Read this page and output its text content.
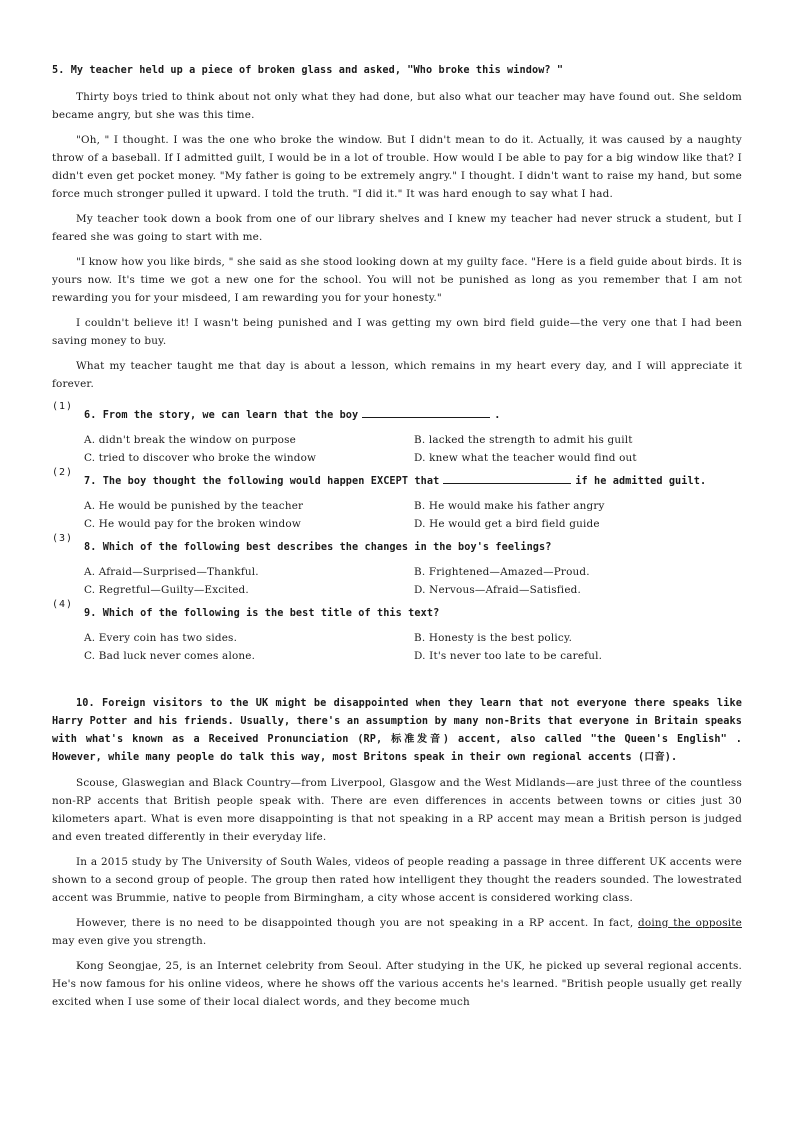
5. My teacher held up a piece of broken glass and asked, "Who broke this window? "

Thirty boys tried to think about not only what they had done, but also what our teacher may have found out. She seldom became angry, but she was this time.

"Oh, " I thought. I was the one who broke the window. But I didn't mean to do it. Actually, it was caused by a naughty throw of a baseball. If I admitted guilt, I would be in a lot of trouble. How would I be able to pay for a big window like that? I didn't even get pocket money. "My father is going to be extremely angry." I thought. I didn't want to raise my hand, but some force much stronger pulled it upward. I told the truth. "I did it." It was hard enough to say what I had.

My teacher took down a book from one of our library shelves and I knew my teacher had never struck a student, but I feared she was going to start with me.

"I know how you like birds, " she said as she stood looking down at my guilty face. "Here is a field guide about birds. It is yours now. It's time we got a new one for the school. You will not be punished as long as you remember that I am not rewarding you for your misdeed, I am rewarding you for your honesty."

I couldn't believe it! I wasn't being punished and I was getting my own bird field guide—the very one that I had been saving money to buy.

What my teacher taught me that day is about a lesson, which remains in my heart every day, and I will appreciate it forever.

(1)
6. From the story, we can learn that the boy	.
A. didn't break the window on purpose	B. lacked the strength to admit his guilt
C. tried to discover who broke the window	D. knew what the teacher would find out
(2)
7. The boy thought the following would happen EXCEPT that	if he admitted guilt.
A. He would be punished by the teacher	B. He would make his father angry
C. He would pay for the broken window	D. He would get a bird field guide
(3)
8. Which of the following best describes the changes in the boy's feelings?
A. Afraid—Surprised—Thankful.	B. Frightened—Amazed—Proud.
C. Regretful—Guilty—Excited.	D. Nervous—Afraid—Satisfied.
(4)
9. Which of the following is the best title of this text?
A. Every coin has two sides.	B. Honesty is the best policy.
C. Bad luck never comes alone.	D. It's never too late to be careful.
10. Foreign visitors to the UK might be disappointed when they learn that not everyone there speaks like Harry Potter and his friends. Usually, there's an assumption by many non-Brits that everyone in Britain speaks with what's known as a Received Pronunciation (RP, 标准发音) accent, also called "the Queen's English" . However, while many people do talk this way, most Britons speak in their own regional accents (口音).

Scouse, Glaswegian and Black Country—from Liverpool, Glasgow and the West Midlands—are just three of the countless non-RP accents that British people speak with. There are even differences in accents between towns or cities just 30 kilometers apart. What is even more disappointing is that not speaking in a RP accent may mean a British person is judged and even treated differently in their everyday life.

In a 2015 study by The University of South Wales, videos of people reading a passage in three different UK accents were shown to a second group of people. The group then rated how intelligent they thought the readers sounded. The lowestrated accent was Brummie, native to people from Birmingham, a city whose accent is considered working class.

However, there is no need to be disappointed though you are not speaking in a RP accent. In fact, doing the opposite may even give you strength.

Kong Seongjae, 25, is an Internet celebrity from Seoul. After studying in the UK, he picked up several regional accents. He's now famous for his online videos, where he shows off the various accents he's learned. "British people usually get really excited when I use some of their local dialect words, and they become much
